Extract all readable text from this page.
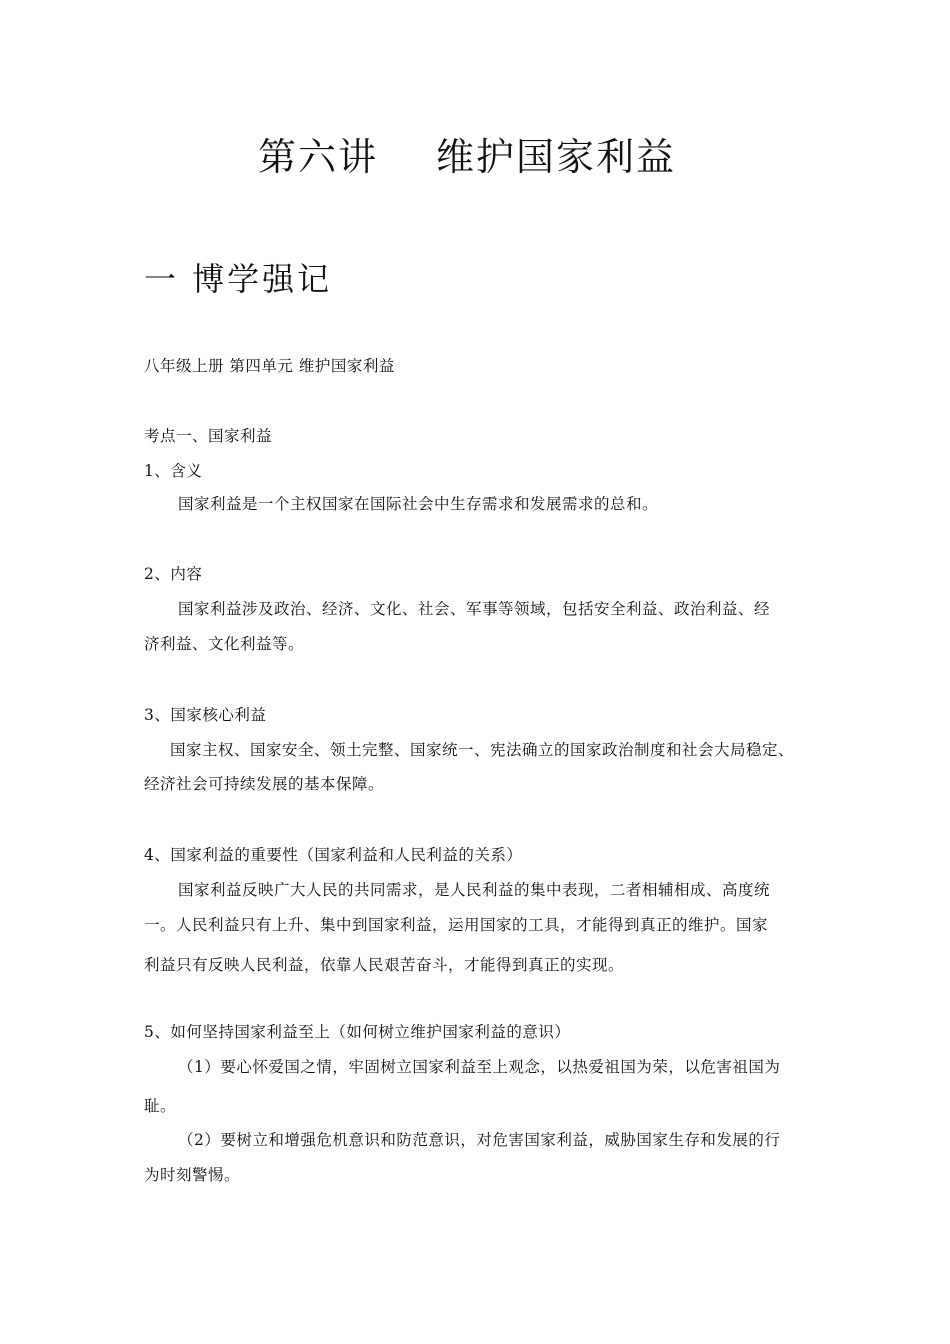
第六讲 维护国家利益
一 博学强记
八年级上册 第四单元 维护国家利益
考点一、国家利益
1、含义
国家利益是一个主权国家在国际社会中生存需求和发展需求的总和。
2、内容
国家利益涉及政治、经济、文化、社会、军事等领域，包括安全利益、政治利益、经
济利益、文化利益等。
3、国家核心利益
国家主权、国家安全、领土完整、国家统一、宪法确立的国家政治制度和社会大局稳定、
经济社会可持续发展的基本保障。
4、国家利益的重要性（国家利益和人民利益的关系）
国家利益反映广大人民的共同需求，是人民利益的集中表现，二者相辅相成、高度统
一。人民利益只有上升、集中到国家利益，运用国家的工具，才能得到真正的维护。国家
利益只有反映人民利益，依靠人民艰苦奋斗，才能得到真正的实现。
5、如何坚持国家利益至上（如何树立维护国家利益的意识）
（1）要心怀爱国之情，牢固树立国家利益至上观念，以热爱祖国为荣，以危害祖国为
耻。
（2）要树立和增强危机意识和防范意识，对危害国家利益，威胁国家生存和发展的行
为时刻警惕。
